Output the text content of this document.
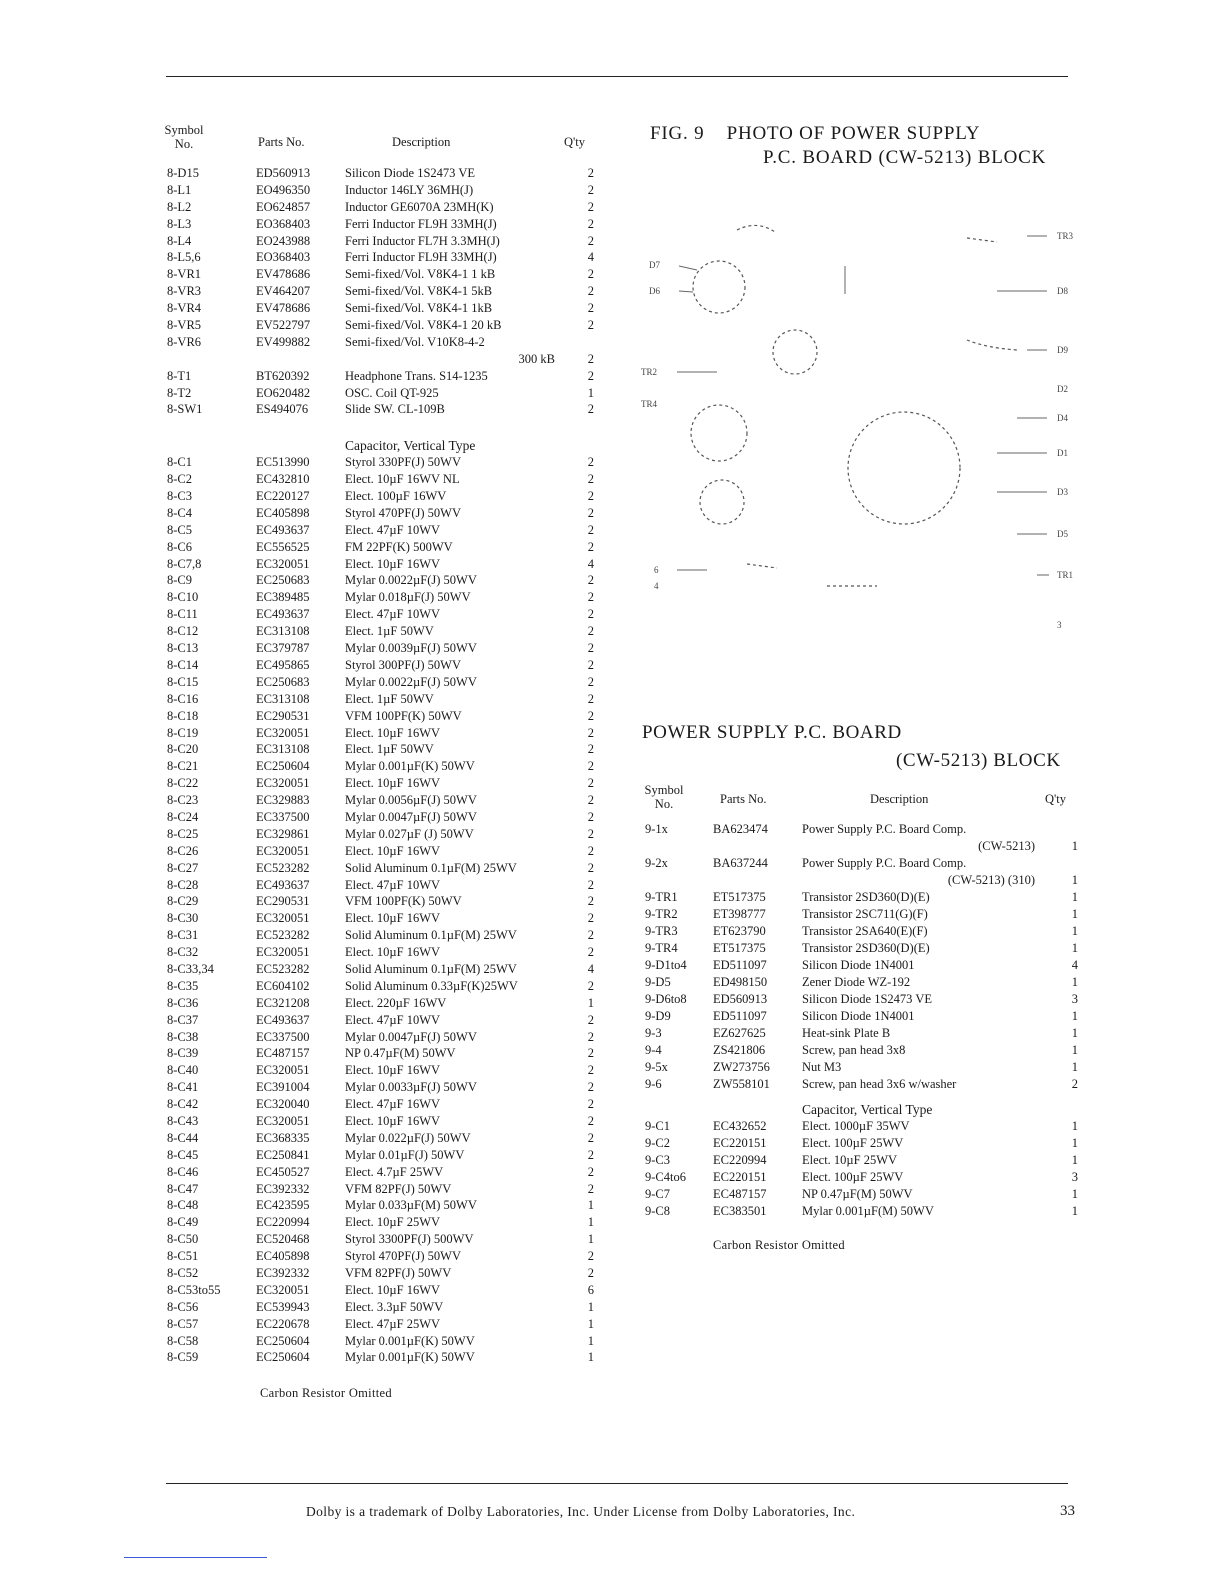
Symbol No.	Parts No.	Description	Q'ty
8-D15	ED560913	Silicon Diode 1S2473 VE	2
8-L1	EO496350	Inductor 146LY 36MH(J)	2
8-L2	EO624857	Inductor GE6070A 23MH(K)	2
8-L3	EO368403	Ferri Inductor FL9H 33MH(J)	2
8-L4	EO243988	Ferri Inductor FL7H 3.3MH(J)	2
8-L5,6	EO368403	Ferri Inductor FL9H 33MH(J)	4
8-VR1	EV478686	Semi-fixed/Vol. V8K4-1 1 kB	2
8-VR3	EV464207	Semi-fixed/Vol. V8K4-1 5kB	2
8-VR4	EV478686	Semi-fixed/Vol. V8K4-1 1kB	2
8-VR5	EV522797	Semi-fixed/Vol. V8K4-1 20 kB	2
8-VR6	EV499882	Semi-fixed/Vol. V10K8-4-2
300 kB	2
8-T1	BT620392	Headphone Trans. S14-1235	2
8-T2	EO620482	OSC. Coil QT-925	1
8-SW1	ES494076	Slide SW. CL-109B	2
Capacitor, Vertical Type
8-C1	EC513990	Styrol 330PF(J) 50WV	2
8-C2	EC432810	Elect. 10µF 16WV NL	2
8-C3	EC220127	Elect. 100µF 16WV	2
8-C4	EC405898	Styrol 470PF(J) 50WV	2
8-C5	EC493637	Elect. 47µF 10WV	2
8-C6	EC556525	FM 22PF(K) 500WV	2
8-C7,8	EC320051	Elect. 10µF 16WV	4
8-C9	EC250683	Mylar 0.0022µF(J) 50WV	2
8-C10	EC389485	Mylar 0.018µF(J) 50WV	2
8-C11	EC493637	Elect. 47µF 10WV	2
8-C12	EC313108	Elect. 1µF 50WV	2
8-C13	EC379787	Mylar 0.0039µF(J) 50WV	2
8-C14	EC495865	Styrol 300PF(J) 50WV	2
8-C15	EC250683	Mylar 0.0022µF(J) 50WV	2
8-C16	EC313108	Elect. 1µF 50WV	2
8-C18	EC290531	VFM 100PF(K) 50WV	2
8-C19	EC320051	Elect. 10µF 16WV	2
8-C20	EC313108	Elect. 1µF 50WV	2
8-C21	EC250604	Mylar 0.001µF(K) 50WV	2
8-C22	EC320051	Elect. 10µF 16WV	2
8-C23	EC329883	Mylar 0.0056µF(J) 50WV	2
8-C24	EC337500	Mylar 0.0047µF(J) 50WV	2
8-C25	EC329861	Mylar 0.027µF (J) 50WV	2
8-C26	EC320051	Elect. 10µF 16WV	2
8-C27	EC523282	Solid Aluminum 0.1µF(M) 25WV	2
8-C28	EC493637	Elect. 47µF 10WV	2
8-C29	EC290531	VFM 100PF(K) 50WV	2
8-C30	EC320051	Elect. 10µF 16WV	2
8-C31	EC523282	Solid Aluminum 0.1µF(M) 25WV	2
8-C32	EC320051	Elect. 10µF 16WV	2
8-C33,34	EC523282	Solid Aluminum 0.1µF(M) 25WV	4
8-C35	EC604102	Solid Aluminum 0.33µF(K)25WV	2
8-C36	EC321208	Elect. 220µF 16WV	1
8-C37	EC493637	Elect. 47µF 10WV	2
8-C38	EC337500	Mylar 0.0047µF(J) 50WV	2
8-C39	EC487157	NP 0.47µF(M) 50WV	2
8-C40	EC320051	Elect. 10µF 16WV	2
8-C41	EC391004	Mylar 0.0033µF(J) 50WV	2
8-C42	EC320040	Elect. 47µF 16WV	2
8-C43	EC320051	Elect. 10µF 16WV	2
8-C44	EC368335	Mylar 0.022µF(J) 50WV	2
8-C45	EC250841	Mylar 0.01µF(J) 50WV	2
8-C46	EC450527	Elect. 4.7µF 25WV	2
8-C47	EC392332	VFM 82PF(J) 50WV	2
8-C48	EC423595	Mylar 0.033µF(M) 50WV	1
8-C49	EC220994	Elect. 10µF 25WV	1
8-C50	EC520468	Styrol 3300PF(J) 500WV	1
8-C51	EC405898	Styrol 470PF(J) 50WV	2
8-C52	EC392332	VFM 82PF(J) 50WV	2
8-C53to55	EC320051	Elect. 10µF 16WV	6
8-C56	EC539943	Elect. 3.3µF 50WV	1
8-C57	EC220678	Elect. 47µF 25WV	1
8-C58	EC250604	Mylar 0.001µF(K) 50WV	1
8-C59	EC250604	Mylar 0.001µF(K) 50WV	1
Carbon Resistor Omitted
FIG. 9    PHOTO OF POWER SUPPLY
P.C. BOARD (CW-5213) BLOCK
D7
D6
TR2
TR4
6
4
TR3
D8
D9
D2
D4
D1
D3
D5
TR1
3
POWER SUPPLY P.C. BOARD
(CW-5213) BLOCK
Symbol No.	Parts No.	Description	Q'ty
9-1x	BA623474	Power Supply P.C. Board Comp.
(CW-5213)	1
9-2x	BA637244	Power Supply P.C. Board Comp.
(CW-5213) (310)	1
9-TR1	ET517375	Transistor 2SD360(D)(E)	1
9-TR2	ET398777	Transistor 2SC711(G)(F)	1
9-TR3	ET623790	Transistor 2SA640(E)(F)	1
9-TR4	ET517375	Transistor 2SD360(D)(E)	1
9-D1to4 ED511097	Silicon Diode 1N4001	4
9-D5	ED498150	Zener Diode WZ-192	1
9-D6to8 ED560913	Silicon Diode 1S2473 VE	3
9-D9	ED511097	Silicon Diode 1N4001	1
9-3	EZ627625	Heat-sink Plate B	1
9-4	ZS421806	Screw, pan head 3x8	1
9-5x	ZW273756	Nut M3	1
9-6	ZW558101	Screw, pan head 3x6 w/washer	2
Capacitor, Vertical Type
9-C1	EC432652	Elect. 1000µF 35WV	1
9-C2	EC220151	Elect. 100µF 25WV	1
9-C3	EC220994	Elect. 10µF 25WV	1
9-C4to6 EC220151	Elect. 100µF 25WV	3
9-C7	EC487157	NP 0.47µF(M) 50WV	1
9-C8	EC383501	Mylar 0.001µF(M) 50WV	1
Carbon Resistor Omitted
Dolby is a trademark of Dolby Laboratories, Inc. Under License from Dolby Laboratories, Inc.	33
